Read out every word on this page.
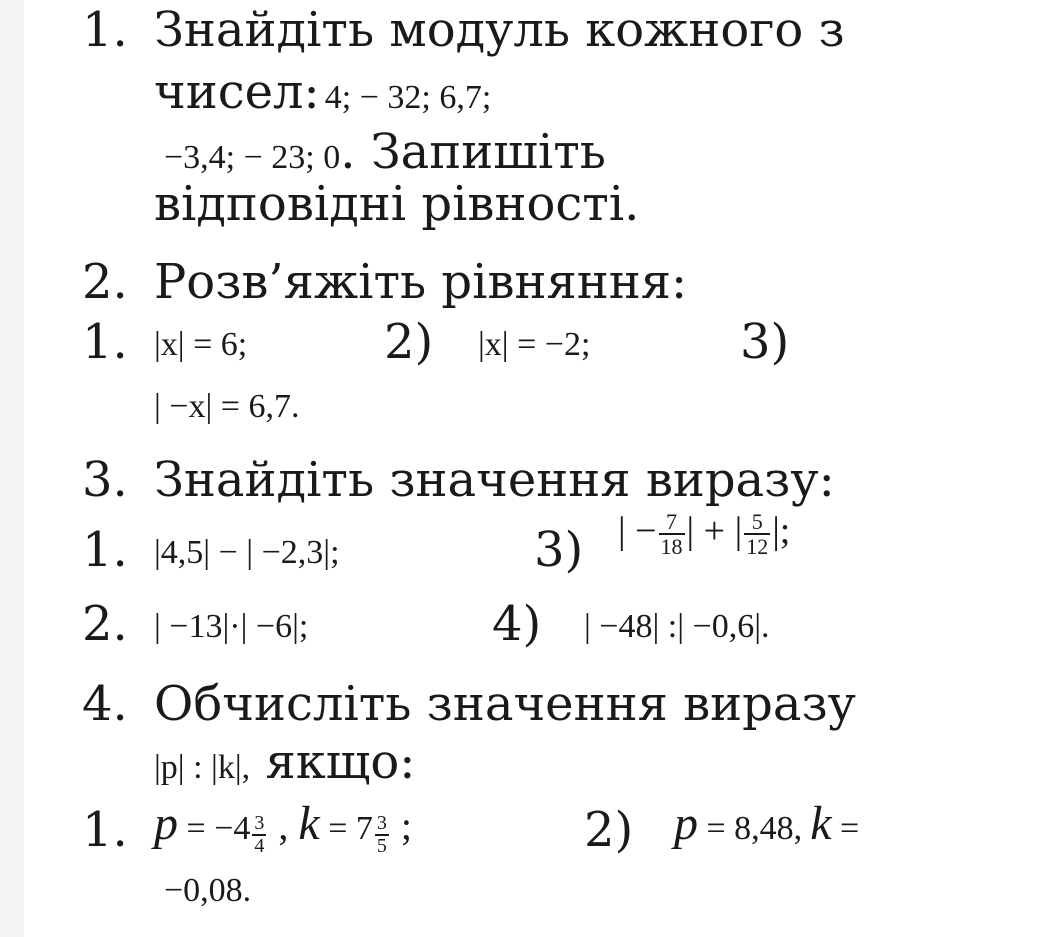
1. Знайдіть модуль кожного з
чисел: 4; − 32; 6,7;
−3,4; − 23; 0. Запишіть
відповідні рівності.
2. Розв’яжіть рівняння:
1. |x| = 6;	2) |x| = −2;	3)
| −x| = 6,7.
3. Знайдіть значення виразу:
1. |4,5| − | −2,3|;	3) | − $\frac{7}{18}$ | + | $\frac{5}{12}$ |;
2. | −13|·| −6|;	4) | −48| :| −0,6|.
4. Обчисліть значення виразу
|p| : |k|, якщо:
1. $p = -4 \frac{3}{4}$ , $k = 7 \frac{3}{5}$ ;	2) p = 8,48, k =
−0,08.
